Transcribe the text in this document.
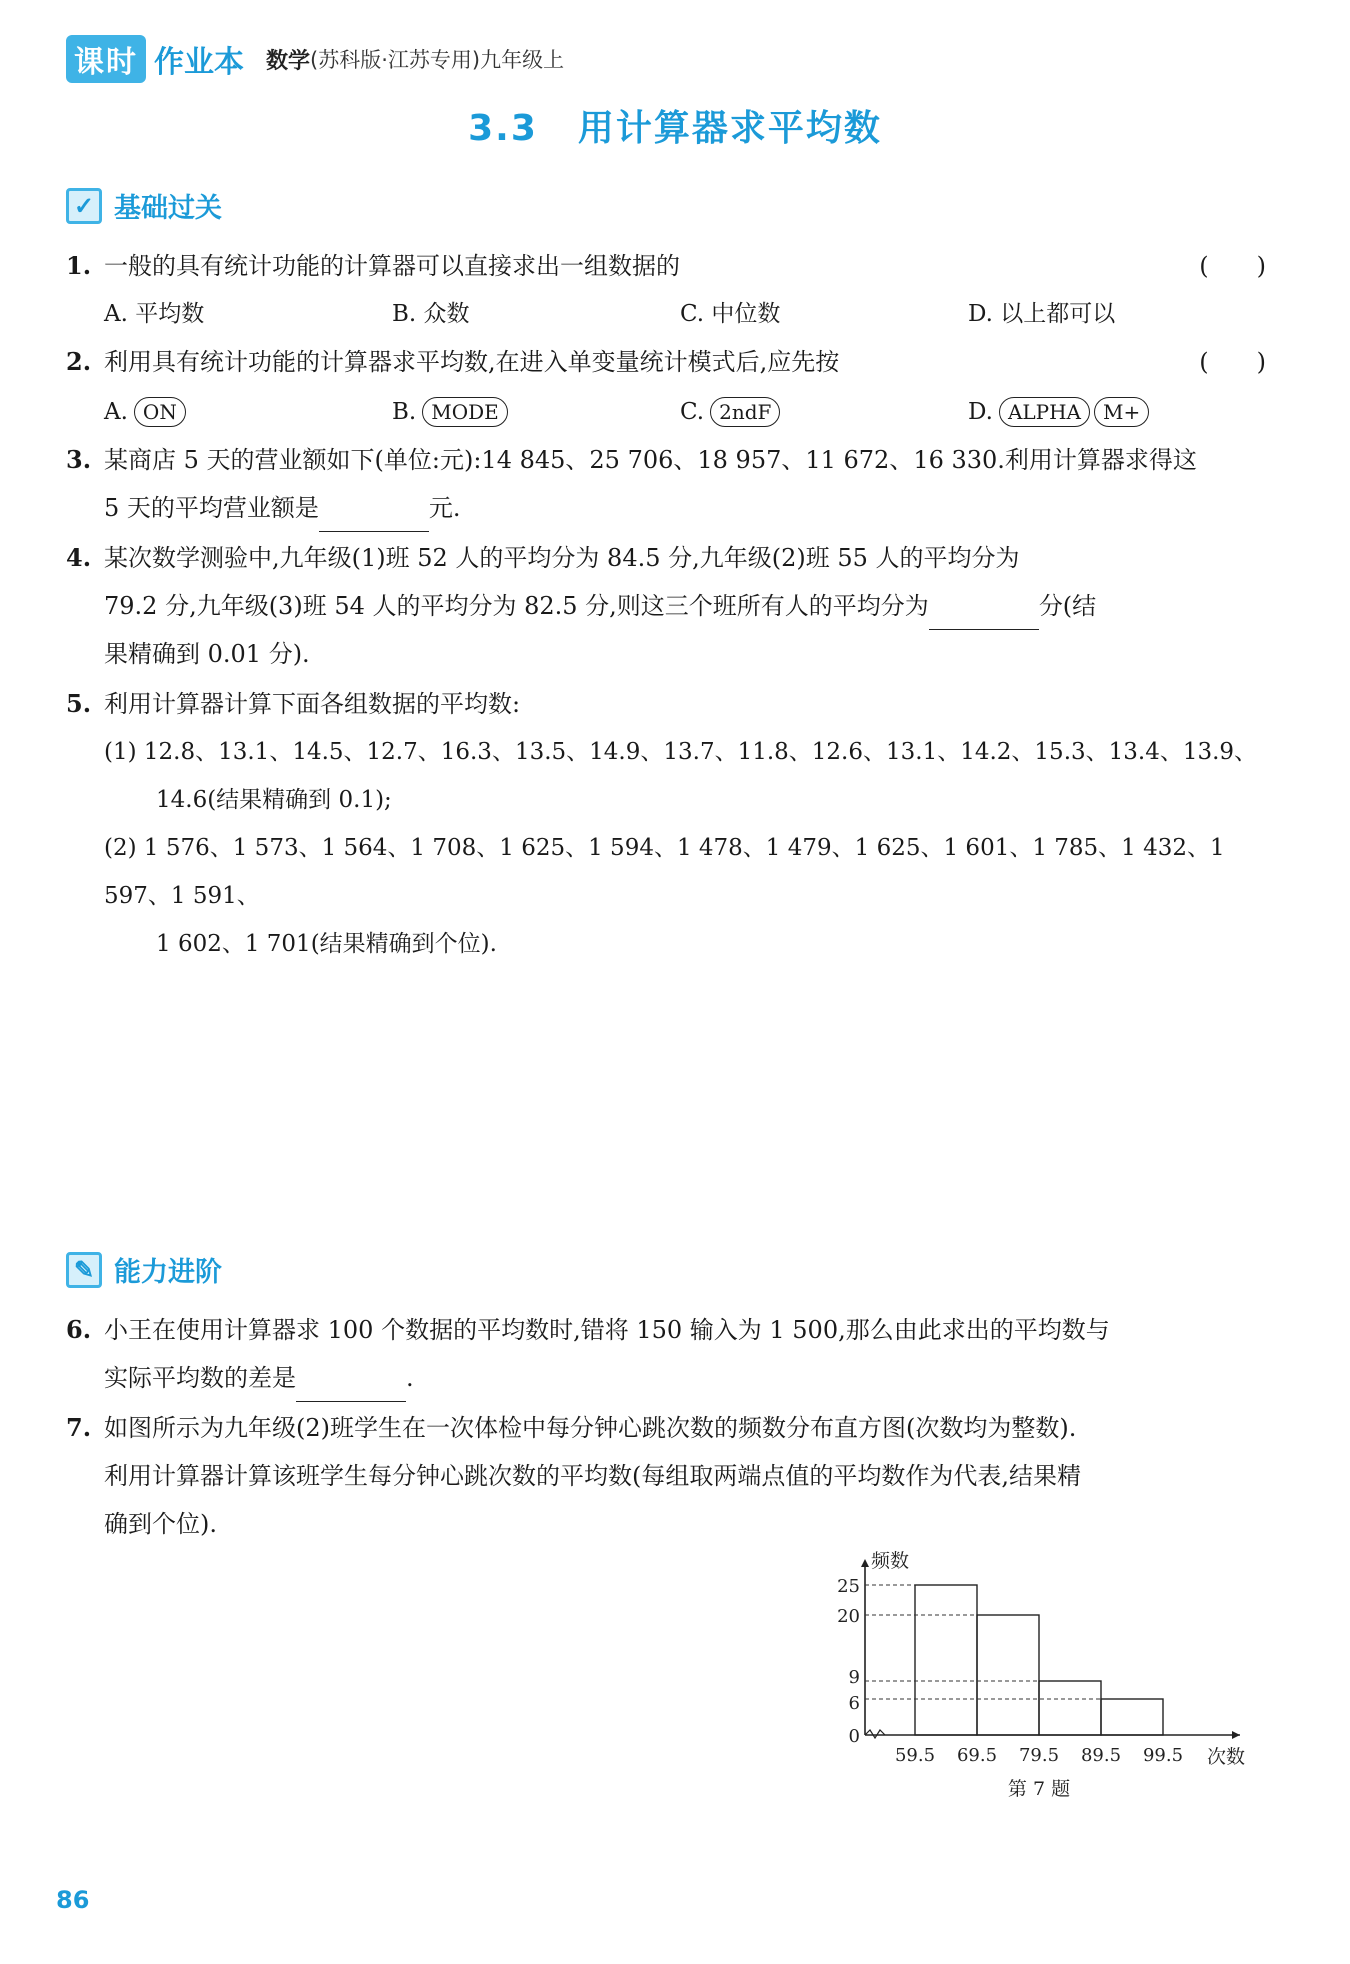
课时 作业本 数学 (苏科版·江苏专用)九年级上
3.3 用计算器求平均数
✓ 基础过关
1. 一般的具有统计功能的计算器可以直接求出一组数据的	(　　)
A. 平均数	B. 众数	C. 中位数	D. 以上都可以
2. 利用具有统计功能的计算器求平均数,在进入单变量统计模式后,应先按	(　　)
A. ON	B. MODE	C. 2ndF	D. ALPHA M+
3. 某商店 5 天的营业额如下(单位:元):14 845、25 706、18 957、11 672、16 330.利用计算器求得这
5 天的平均营业额是	元.
4. 某次数学测验中,九年级(1)班 52 人的平均分为 84.5 分,九年级(2)班 55 人的平均分为
79.2 分,九年级(3)班 54 人的平均分为 82.5 分,则这三个班所有人的平均分为	分(结
果精确到 0.01 分).
5. 利用计算器计算下面各组数据的平均数:
(1) 12.8、13.1、14.5、12.7、16.3、13.5、14.9、13.7、11.8、12.6、13.1、14.2、15.3、13.4、13.9、
14.6(结果精确到 0.1);
(2) 1 576、1 573、1 564、1 708、1 625、1 594、1 478、1 479、1 625、1 601、1 785、1 432、1 597、1 591、
1 602、1 701(结果精确到个位).
✎ 能力进阶
6. 小王在使用计算器求 100 个数据的平均数时,错将 150 输入为 1 500,那么由此求出的平均数与
实际平均数的差是	.
7. 如图所示为九年级(2)班学生在一次体检中每分钟心跳次数的频数分布直方图(次数均为整数).
利用计算器计算该班学生每分钟心跳次数的平均数(每组取两端点值的平均数作为代表,结果精
确到个位).
0
6
9
20
25
59.5 69.5 79.5 89.5 99.5
频数
次数
第 7 题
86
